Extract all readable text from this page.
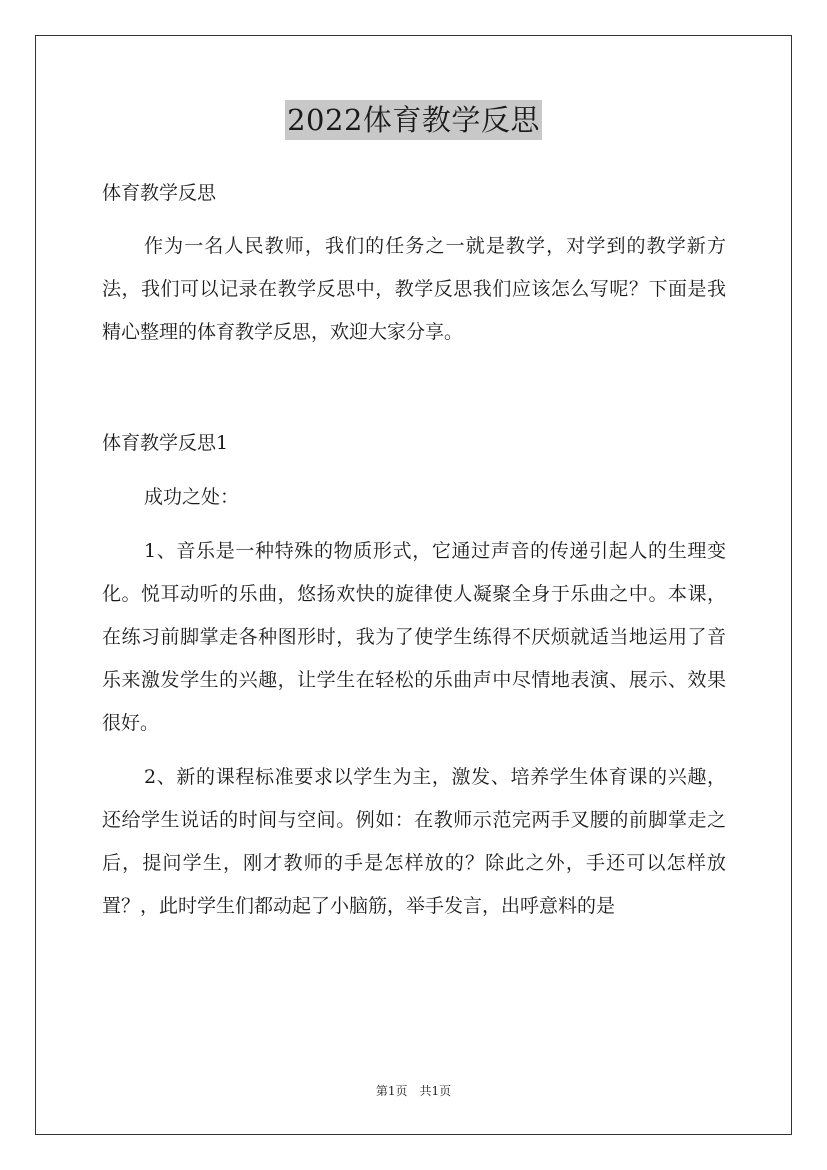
2022体育教学反思

体育教学反思

作为一名人民教师，我们的任务之一就是教学，对学到的教学新方法，我们可以记录在教学反思中，教学反思我们应该怎么写呢？下面是我精心整理的体育教学反思，欢迎大家分享。

体育教学反思1

成功之处：

1、音乐是一种特殊的物质形式，它通过声音的传递引起人的生理变化。悦耳动听的乐曲，悠扬欢快的旋律使人凝聚全身于乐曲之中。本课，在练习前脚掌走各种图形时，我为了使学生练得不厌烦就适当地运用了音乐来激发学生的兴趣，让学生在轻松的乐曲声中尽情地表演、展示、效果很好。

2、新的课程标准要求以学生为主，激发、培养学生体育课的兴趣，还给学生说话的时间与空间。例如：在教师示范完两手叉腰的前脚掌走之后，提问学生，刚才教师的手是怎样放的？除此之外，手还可以怎样放置？，此时学生们都动起了小脑筋，举手发言，出呼意料的是

第1页 共1页
